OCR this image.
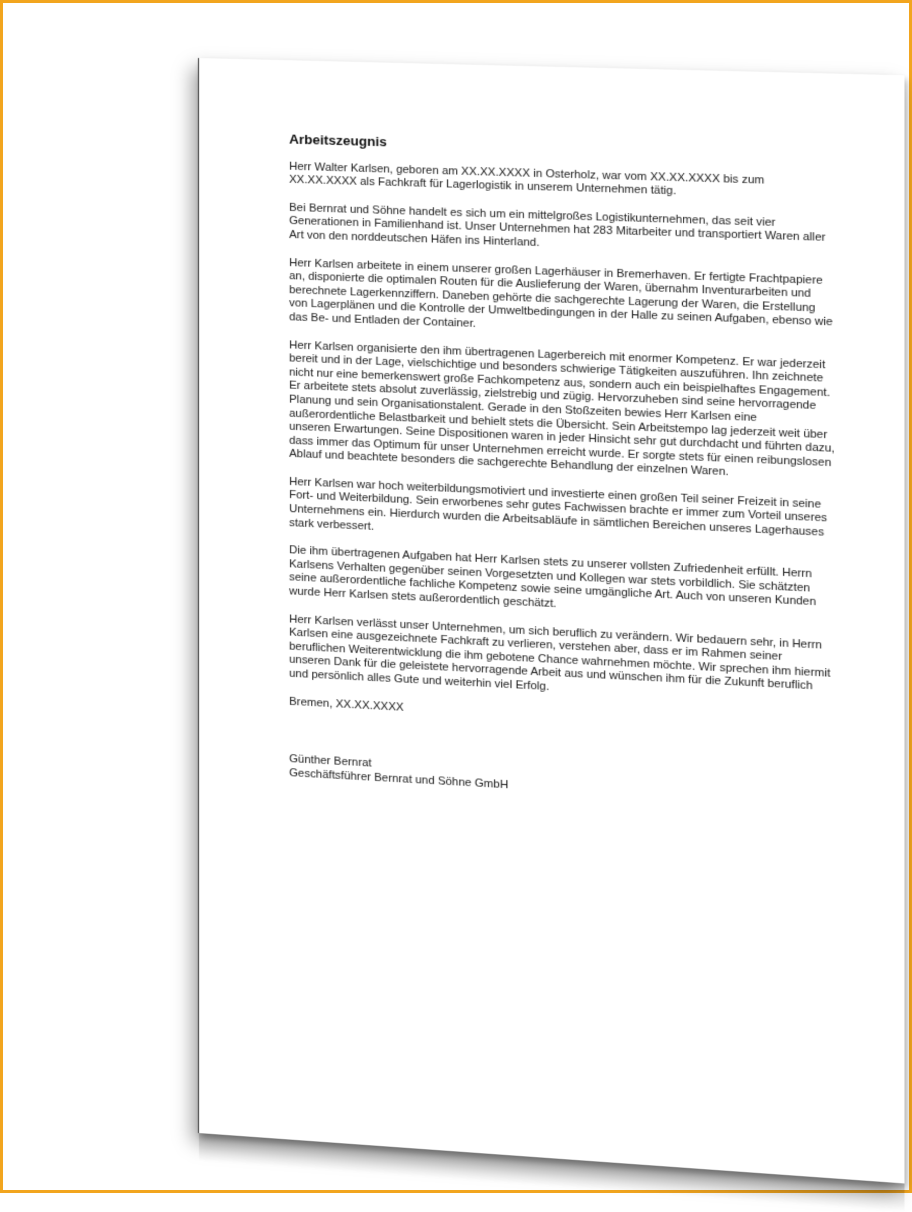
Arbeitszeugnis

Herr Walter Karlsen, geboren am XX.XX.XXXX in Osterholz, war vom XX.XX.XXXX bis zum XX.XX.XXXX als Fachkraft für Lagerlogistik in unserem Unternehmen tätig.

Bei Bernrat und Söhne handelt es sich um ein mittelgroßes Logistikunternehmen, das seit vier Generationen in Familienhand ist. Unser Unternehmen hat 283 Mitarbeiter und transportiert Waren aller Art von den norddeutschen Häfen ins Hinterland.

Herr Karlsen arbeitete in einem unserer großen Lagerhäuser in Bremerhaven. Er fertigte Frachtpapiere an, disponierte die optimalen Routen für die Auslieferung der Waren, übernahm Inventurarbeiten und berechnete Lagerkennziffern. Daneben gehörte die sachgerechte Lagerung der Waren, die Erstellung von Lagerplänen und die Kontrolle der Umweltbedingungen in der Halle zu seinen Aufgaben, ebenso wie das Be- und Entladen der Container.

Herr Karlsen organisierte den ihm übertragenen Lagerbereich mit enormer Kompetenz. Er war jederzeit bereit und in der Lage, vielschichtige und besonders schwierige Tätigkeiten auszuführen. Ihn zeichnete nicht nur eine bemerkenswert große Fachkompetenz aus, sondern auch ein beispielhaftes Engagement. Er arbeitete stets absolut zuverlässig, zielstrebig und zügig. Hervorzuheben sind seine hervorragende Planung und sein Organisationstalent. Gerade in den Stoßzeiten bewies Herr Karlsen eine außerordentliche Belastbarkeit und behielt stets die Übersicht. Sein Arbeitstempo lag jederzeit weit über unseren Erwartungen. Seine Dispositionen waren in jeder Hinsicht sehr gut durchdacht und führten dazu, dass immer das Optimum für unser Unternehmen erreicht wurde. Er sorgte stets für einen reibungslosen Ablauf und beachtete besonders die sachgerechte Behandlung der einzelnen Waren.

Herr Karlsen war hoch weiterbildungsmotiviert und investierte einen großen Teil seiner Freizeit in seine Fort- und Weiterbildung. Sein erworbenes sehr gutes Fachwissen brachte er immer zum Vorteil unseres Unternehmens ein. Hierdurch wurden die Arbeitsabläufe in sämtlichen Bereichen unseres Lagerhauses stark verbessert.

Die ihm übertragenen Aufgaben hat Herr Karlsen stets zu unserer vollsten Zufriedenheit erfüllt. Herrn Karlsens Verhalten gegenüber seinen Vorgesetzten und Kollegen war stets vorbildlich. Sie schätzten seine außerordentliche fachliche Kompetenz sowie seine umgängliche Art. Auch von unseren Kunden wurde Herr Karlsen stets außerordentlich geschätzt.

Herr Karlsen verlässt unser Unternehmen, um sich beruflich zu verändern. Wir bedauern sehr, in Herrn Karlsen eine ausgezeichnete Fachkraft zu verlieren, verstehen aber, dass er im Rahmen seiner beruflichen Weiterentwicklung die ihm gebotene Chance wahrnehmen möchte. Wir sprechen ihm hiermit unseren Dank für die geleistete hervorragende Arbeit aus und wünschen ihm für die Zukunft beruflich und persönlich alles Gute und weiterhin viel Erfolg.

Bremen, XX.XX.XXXX

Günther Bernrat

Geschäftsführer Bernrat und Söhne GmbH
